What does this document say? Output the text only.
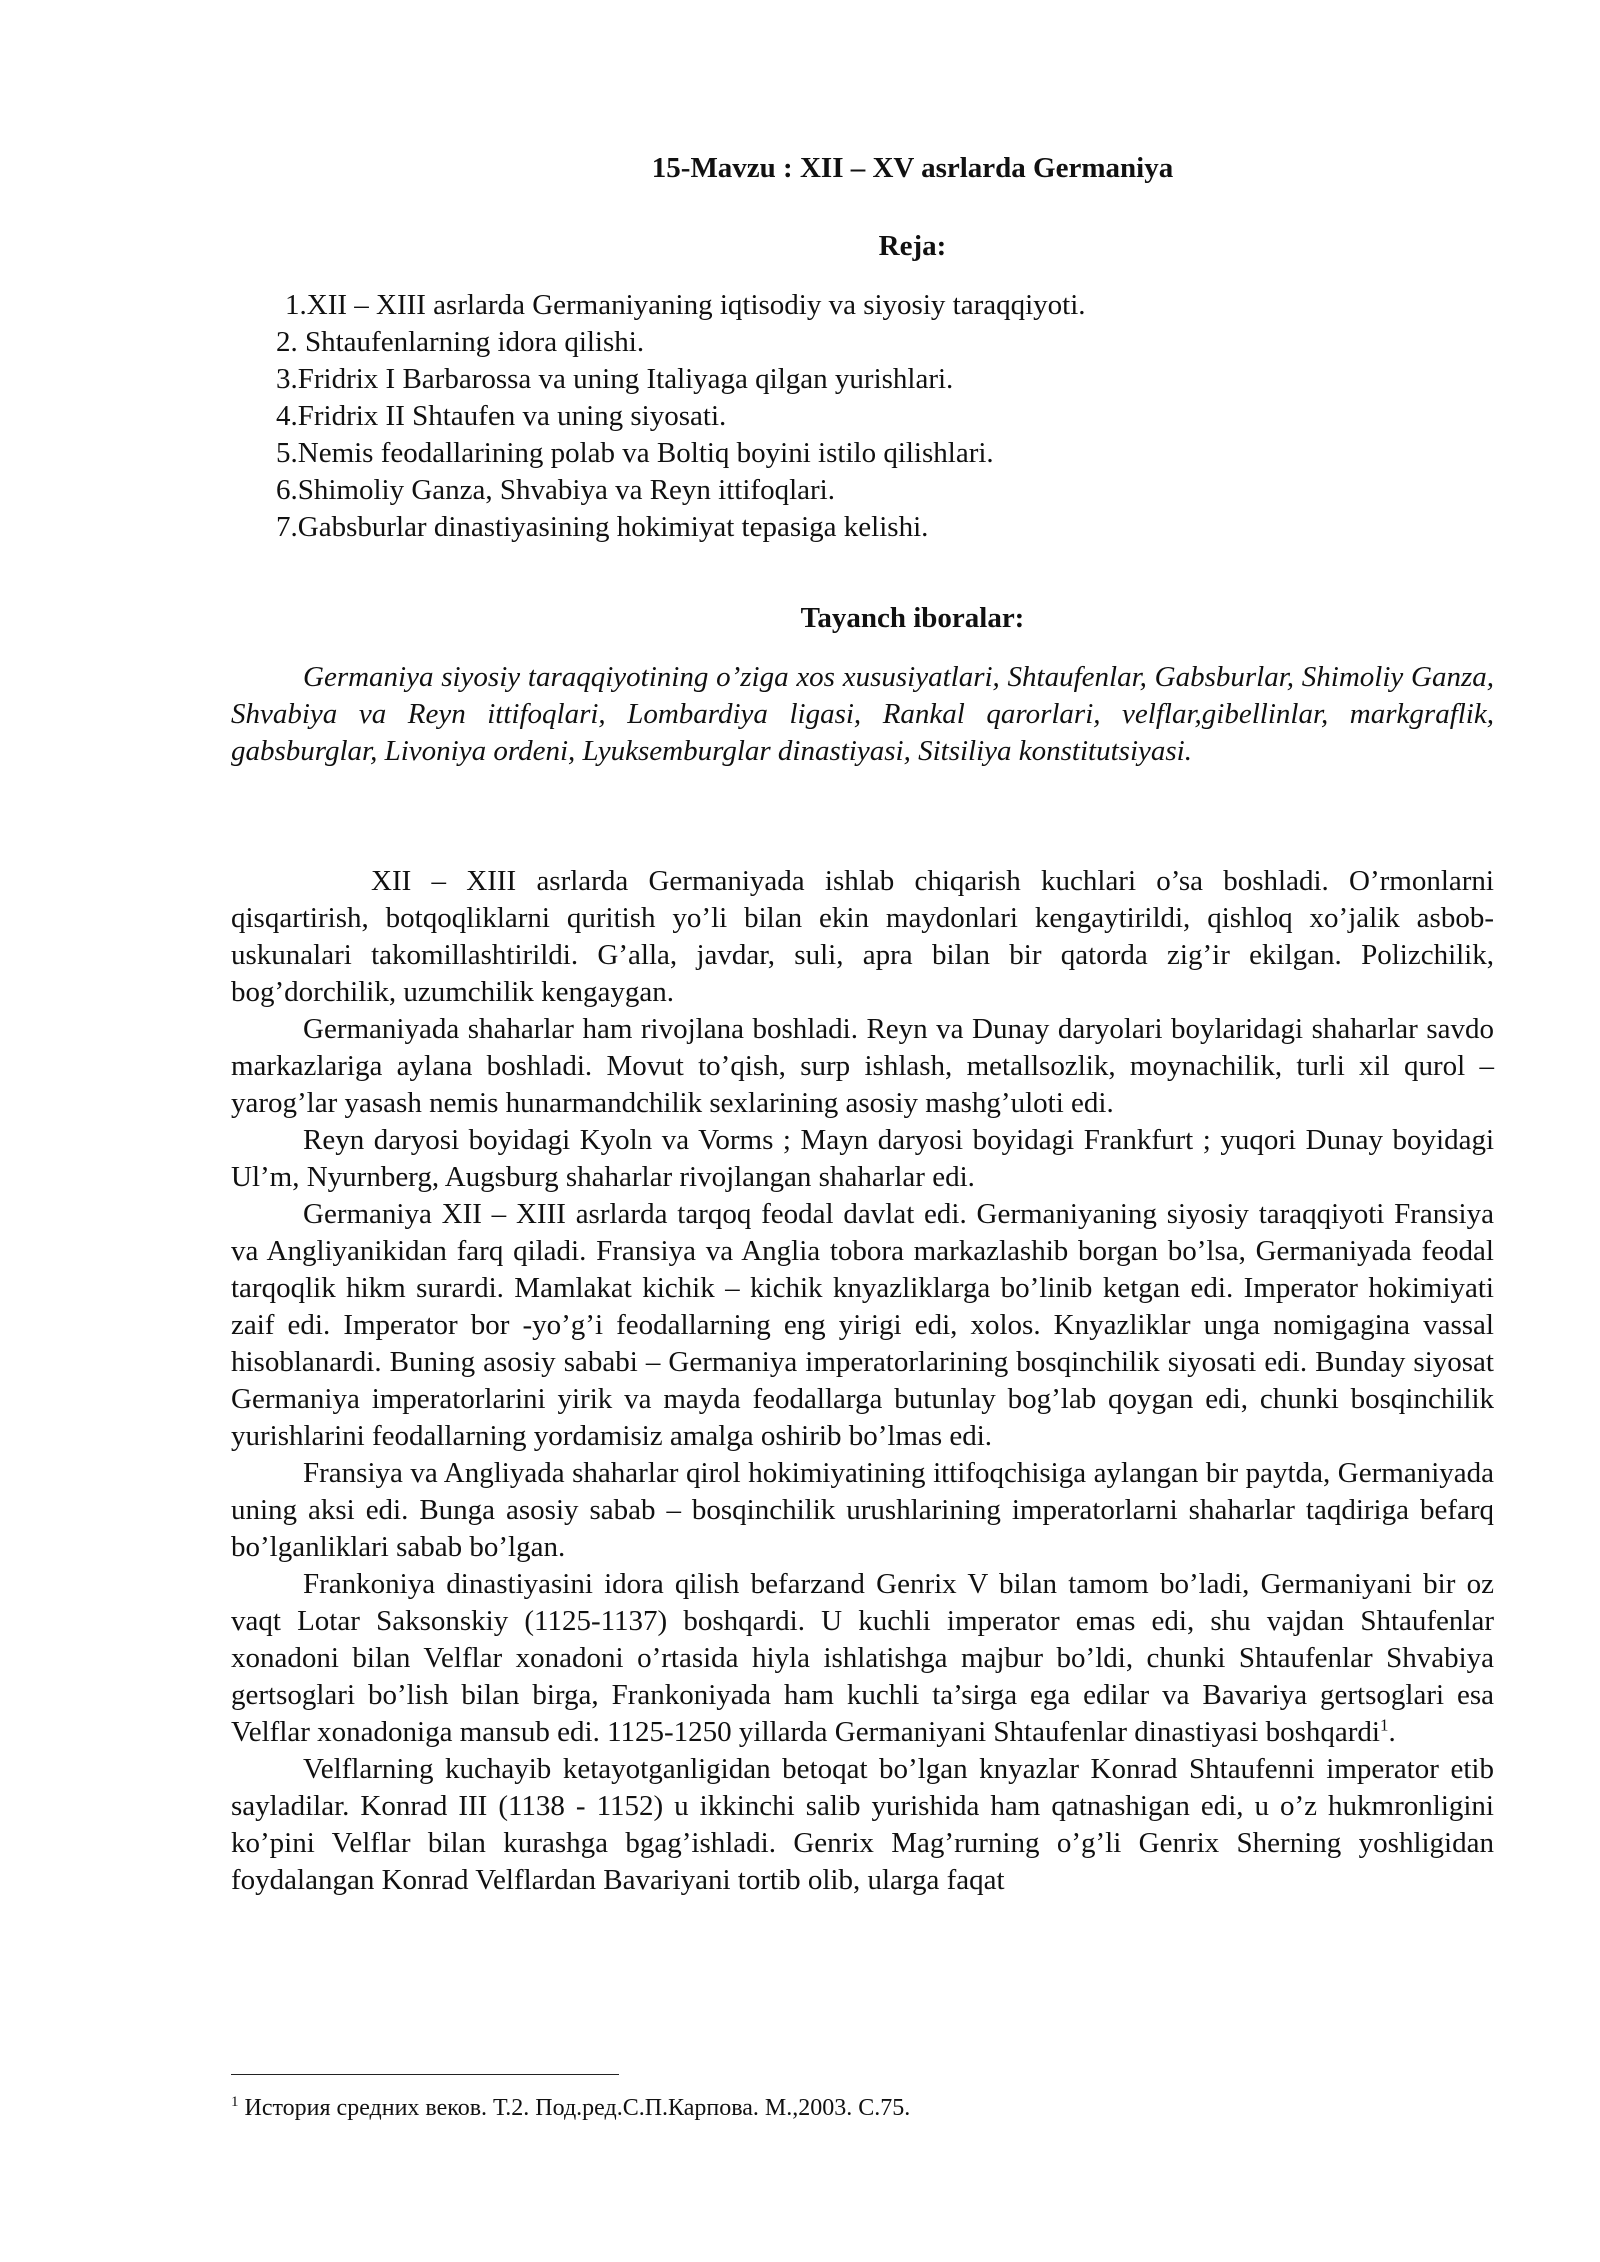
15-Mavzu : XII – XV asrlarda Germaniya
Reja:
1.XII – XIII asrlarda Germaniyaning iqtisodiy va siyosiy taraqqiyoti.
2. Shtaufenlarning idora qilishi.
3.Fridrix I Barbarossa va uning Italiyaga qilgan yurishlari.
4.Fridrix II Shtaufen va uning siyosati.
5.Nemis feodallarining polab va Boltiq boyini istilo qilishlari.
6.Shimoliy Ganza, Shvabiya va Reyn ittifoqlari.
7.Gabsburlar dinastiyasining hokimiyat tepasiga kelishi.
Tayanch iboralar:

Germaniya siyosiy taraqqiyotining o’ziga xos xususiyatlari, Shtaufenlar, Gabsburlar, Shimoliy Ganza, Shvabiya va Reyn ittifoqlari, Lombardiya ligasi, Rankal qarorlari, velflar,gibellinlar, markgraflik, gabsburglar, Livoniya ordeni, Lyuksemburglar dinastiyasi, Sitsiliya konstitutsiyasi.

XII – XIII asrlarda Germaniyada ishlab chiqarish kuchlari o’sa boshladi. O’rmonlarni qisqartirish, botqoqliklarni quritish yo’li bilan ekin maydonlari kengaytirildi, qishloq xo’jalik asbob- uskunalari takomillashtirildi. G’alla, javdar, suli, apra bilan bir qatorda zig’ir ekilgan. Polizchilik, bog’dorchilik, uzumchilik kengaygan.

Germaniyada shaharlar ham rivojlana boshladi. Reyn va Dunay daryolari boylaridagi shaharlar savdo markazlariga aylana boshladi. Movut to’qish, surp ishlash, metallsozlik, moynachilik, turli xil qurol – yarog’lar yasash nemis hunarmandchilik sexlarining asosiy mashg’uloti edi.

Reyn daryosi boyidagi Kyoln va Vorms ; Mayn daryosi boyidagi Frankfurt ; yuqori Dunay boyidagi Ul’m, Nyurnberg, Augsburg shaharlar rivojlangan shaharlar edi.

Germaniya XII – XIII asrlarda tarqoq feodal davlat edi. Germaniyaning siyosiy taraqqiyoti Fransiya va Angliyanikidan farq qiladi. Fransiya va Anglia tobora markazlashib borgan bo’lsa, Germaniyada feodal tarqoqlik hikm surardi. Mamlakat kichik – kichik knyazliklarga bo’linib ketgan edi. Imperator hokimiyati zaif edi. Imperator bor -yo’g’i feodallarning eng yirigi edi, xolos. Knyazliklar unga nomigagina vassal hisoblanardi. Buning asosiy sababi – Germaniya imperatorlarining bosqinchilik siyosati edi. Bunday siyosat Germaniya imperatorlarini yirik va mayda feodallarga butunlay bog’lab qoygan edi, chunki bosqinchilik yurishlarini feodallarning yordamisiz amalga oshirib bo’lmas edi.

Fransiya va Angliyada shaharlar qirol hokimiyatining ittifoqchisiga aylangan bir paytda, Germaniyada uning aksi edi. Bunga asosiy sabab – bosqinchilik urushlarining imperatorlarni shaharlar taqdiriga befarq bo’lganliklari sabab bo’lgan.

Frankoniya dinastiyasini idora qilish befarzand Genrix V bilan tamom bo’ladi, Germaniyani bir oz vaqt Lotar Saksonskiy (1125-1137) boshqardi. U kuchli imperator emas edi, shu vajdan Shtaufenlar xonadoni bilan Velflar xonadoni o’rtasida hiyla ishlatishga majbur bo’ldi, chunki Shtaufenlar Shvabiya gertsoglari bo’lish bilan birga, Frankoniyada ham kuchli ta’sirga ega edilar va Bavariya gertsoglari esa Velflar xonadoniga mansub edi. 1125-1250 yillarda Germaniyani Shtaufenlar dinastiyasi boshqardi$^1$.

Velflarning kuchayib ketayotganligidan betoqat bo’lgan knyazlar Konrad Shtaufenni imperator etib sayladilar. Konrad III (1138 - 1152) u ikkinchi salib yurishida ham qatnashigan edi, u o’z hukmronligini ko’pini Velflar bilan kurashga bgag’ishladi. Genrix Mag’rurning o’g’li Genrix Sherning yoshligidan foydalangan Konrad Velflardan Bavariyani tortib olib, ularga faqat

$^1$ История средних веков. Т.2. Под.ред.С.П.Карпова. М.,2003. С.75.
